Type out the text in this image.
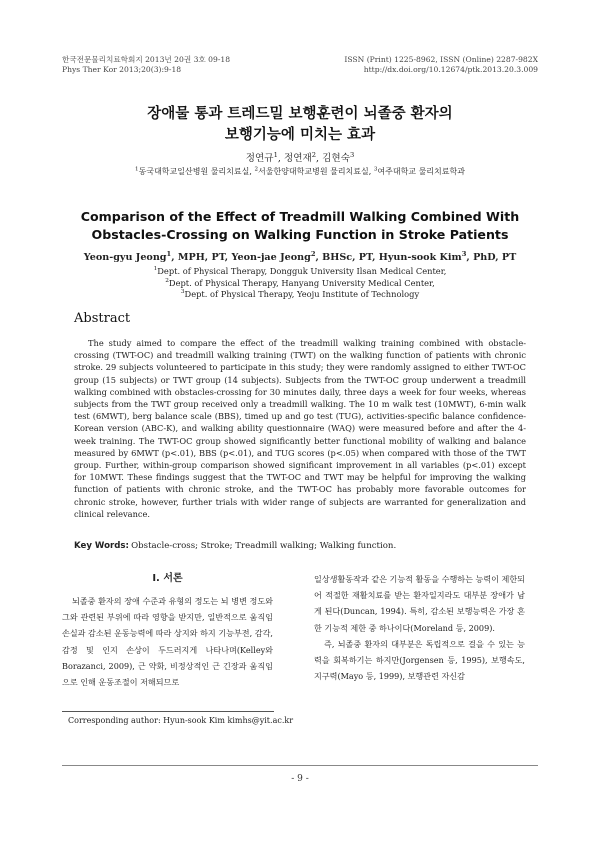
한국전문물리치료학회지 2013년 20권 3호 09-18
Phys Ther Kor 2013;20(3):9-18
ISSN (Print) 1225-8962, ISSN (Online) 2287-982X
http://dx.doi.org/10.12674/ptk.2013.20.3.009
장애물 통과 트레드밀 보행훈련이 뇌졸중 환자의
보행기능에 미치는 효과
정연규$^1$, 정연재$^2$, 김현숙$^3$
$^1$동국대학교일산병원 물리치료실, $^2$서울한양대학교병원 물리치료실, $^3$여주대학교 물리치료학과
Comparison of the Effect of Treadmill Walking Combined With
Obstacles-Crossing on Walking Function in Stroke Patients
Yeon-gyu Jeong$^1$, MPH, PT, Yeon-jae Jeong$^2$, BHSc, PT, Hyun-sook Kim$^3$, PhD, PT
$^1$Dept. of Physical Therapy, Dongguk University Ilsan Medical Center,
$^2$Dept. of Physical Therapy, Hanyang University Medical Center,
$^3$Dept. of Physical Therapy, Yeoju Institute of Technology
Abstract

The study aimed to compare the effect of the treadmill walking training combined with obstacle-crossing (TWT-OC) and treadmill walking training (TWT) on the walking function of patients with chronic stroke. 29 subjects volunteered to participate in this study; they were randomly assigned to either TWT-OC group (15 subjects) or TWT group (14 subjects). Subjects from the TWT-OC group underwent a treadmill walking combined with obstacles-crossing for 30 minutes daily, three days a week for four weeks, whereas subjects from the TWT group received only a treadmill walking. The 10 m walk test (10MWT), 6-min walk test (6MWT), berg balance scale (BBS), timed up and go test (TUG), activities-specific balance confidence-Korean version (ABC-K), and walking ability questionnaire (WAQ) were measured before and after the 4-week training. The TWT-OC group showed significantly better functional mobility of walking and balance measured by 6MWT (p<.01), BBS (p<.01), and TUG scores (p<.05) when compared with those of the TWT group. Further, within-group comparison showed significant improvement in all variables (p<.01) except for 10MWT. These findings suggest that the TWT-OC and TWT may be helpful for improving the walking function of patients with chronic stroke, and the TWT-OC has probably more favorable outcomes for chronic stroke, however, further trials with wider range of subjects are warranted for generalization and clinical relevance.

Key Words: Obstacle-cross; Stroke; Treadmill walking; Walking function.
Ⅰ. 서론

뇌졸중 환자의 장애 수준과 유형의 정도는 뇌 병변 정도와 그와 관련된 부위에 따라 영향을 받지만, 일반적으로 움직임 손실과 감소된 운동능력에 따라 상지와 하지 기능부전, 감각, 감정 및 인지 손상이 두드러지게 나타나며(Kelley와 Borazanci, 2009), 근 약화, 비정상적인 근 긴장과 움직임으로 인해 운동조절이 저해되므로

일상생활동작과 같은 기능적 활동을 수행하는 능력이 제한되어 적절한 재활치료를 받는 환자일지라도 대부분 장애가 남게 된다(Duncan, 1994). 특히, 감소된 보행능력은 가장 흔한 기능적 제한 중 하나이다(Moreland 등, 2009).

즉, 뇌졸중 환자의 대부분은 독립적으로 걸을 수 있는 능력을 회복하기는 하지만(Jorgensen 등, 1995), 보행속도, 지구력(Mayo 등, 1999), 보행관련 자신감

Corresponding author: Hyun-sook Kim kimhs@yit.ac.kr
- 9 -
